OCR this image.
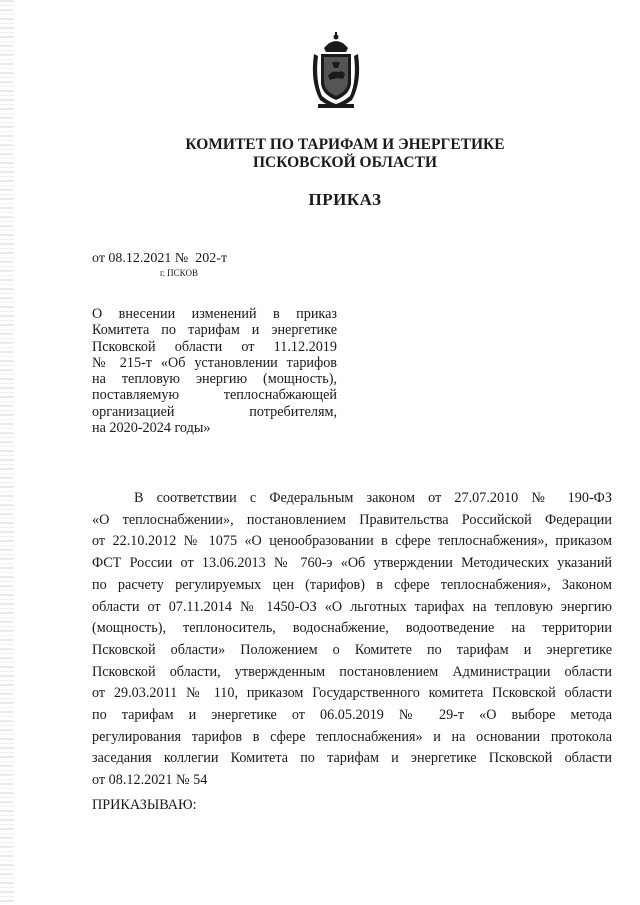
КОМИТЕТ ПО ТАРИФАМ И ЭНЕРГЕТИКЕ
ПСКОВСКОЙ ОБЛАСТИ
ПРИКАЗ
от 08.12.2021 №  202-т
г. ПСКОВ
О внесении изменений в приказ
Комитета по тарифам и энергетике
Псковской области от 11.12.2019
№ 215-т «Об установлении тарифов
на тепловую энергию (мощность),
поставляемую теплоснабжающей
организацией потребителям,
на 2020-2024 годы»
В соответствии с Федеральным законом от 27.07.2010 № 190-ФЗ
«О теплоснабжении», постановлением Правительства Российской Федерации
от 22.10.2012 № 1075 «О ценообразовании в сфере теплоснабжения», приказом
ФСТ России от 13.06.2013 № 760-э «Об утверждении Методических указаний
по расчету регулируемых цен (тарифов) в сфере теплоснабжения», Законом
области от 07.11.2014 № 1450-ОЗ «О льготных тарифах на тепловую энергию
(мощность), теплоноситель, водоснабжение, водоотведение на территории
Псковской области» Положением о Комитете по тарифам и энергетике
Псковской области, утвержденным постановлением Администрации области
от 29.03.2011 № 110, приказом Государственного комитета Псковской области
по тарифам и энергетике от 06.05.2019 № 29-т «О выборе метода
регулирования тарифов в сфере теплоснабжения» и на основании протокола
заседания коллегии Комитета по тарифам и энергетике Псковской области
от 08.12.2021 № 54
ПРИКАЗЫВАЮ:
